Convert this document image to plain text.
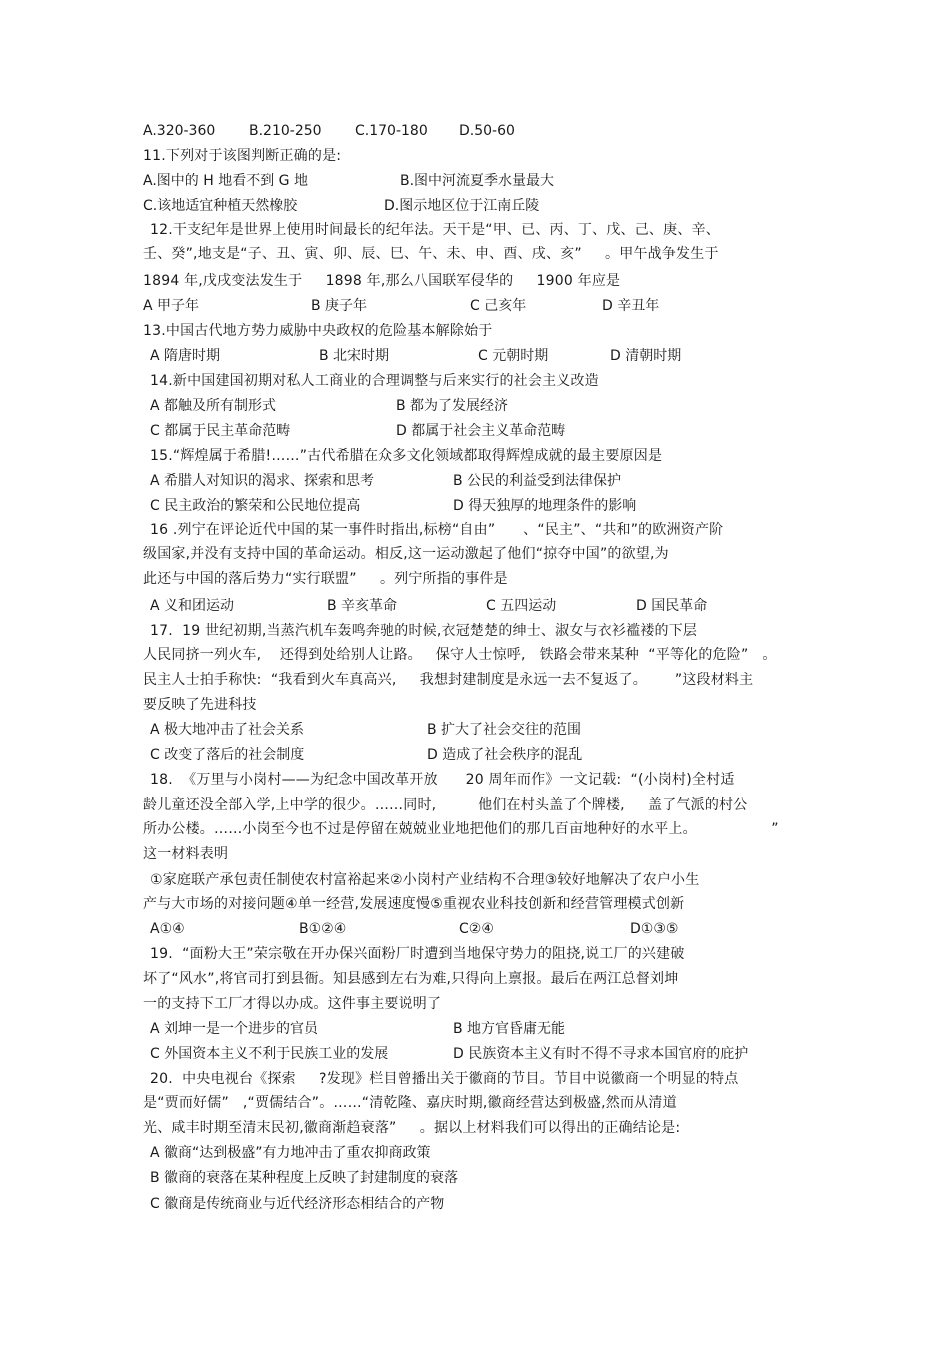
A.320-360 B.210-250 C.170-180 D.50-60
11.下列对于该图判断正确的是:
A.图中的 H 地看不到 G 地	B.图中河流夏季水量最大
C.该地适宜种植天然橡胶	D.图示地区位于江南丘陵
12.干支纪年是世界上使用时间最长的纪年法。天干是“甲、已、丙、丁、戊、己、庚、辛、
壬、癸”,地支是“子、丑、寅、卯、辰、巳、午、未、申、酉、戌、亥”     。甲午战争发生于
1894 年,戊戌变法发生于     1898 年,那么八国联军侵华的     1900 年应是
A 甲子年	B 庚子年	C 己亥年	D 辛丑年
13.中国古代地方势力威胁中央政权的危险基本解除始于
A 隋唐时期	B 北宋时期	C 元朝时期	D 清朝时期
14.新中国建国初期对私人工商业的合理调整与后来实行的社会主义改造
A 都触及所有制形式	B 都为了发展经济
C 都属于民主革命范畴	D 都属于社会主义革命范畴
15.“辉煌属于希腊!……”古代希腊在众多文化领域都取得辉煌成就的最主要原因是
A 希腊人对知识的渴求、探索和思考	B 公民的利益受到法律保护
C 民主政治的繁荣和公民地位提高	D 得天独厚的地理条件的影响
16 .列宁在评论近代中国的某一事件时指出,标榜“自由”      、“民主”、“共和”的欧洲资产阶
级国家,并没有支持中国的革命运动。相反,这一运动激起了他们“掠夺中国”的欲望,为
此还与中国的落后势力“实行联盟”     。列宁所指的事件是
A 义和团运动	B 辛亥革命	C 五四运动	D 国民革命
17.  19 世纪初期,当蒸汽机车轰鸣奔驰的时候,衣冠楚楚的绅士、淑女与衣衫褴褛的下层
人民同挤一列火车,    还得到处给别人让路。   保守人士惊呼,   铁路会带来某种  “平等化的危险”   。
民主人士拍手称快:  “我看到火车真高兴,     我想封建制度是永远一去不复返了。      ”这段材料主
要反映了先进科技
A 极大地冲击了社会关系	B 扩大了社会交往的范围
C 改变了落后的社会制度	D 造成了社会秩序的混乱
18.  《万里与小岗村——为纪念中国改革开放      20 周年而作》一文记载:  “(小岗村)全村适
龄儿童还没全部入学,上中学的很少。……同时,         他们在村头盖了个牌楼,     盖了气派的村公
所办公楼。……小岗至今也不过是停留在兢兢业业地把他们的那几百亩地种好的水平上。                ”
这一材料表明
①家庭联产承包责任制使农村富裕起来②小岗村产业结构不合理③较好地解决了农户小生
产与大市场的对接问题④单一经营,发展速度慢⑤重视农业科技创新和经营管理模式创新
A①④	B①②④	C②④	D①③⑤
19.  “面粉大王”荣宗敬在开办保兴面粉厂时遭到当地保守势力的阻挠,说工厂的兴建破
坏了“风水”,将官司打到县衙。知县感到左右为难,只得向上禀报。最后在两江总督刘坤
一的支持下工厂才得以办成。这件事主要说明了
A 刘坤一是一个进步的官员	B 地方官昏庸无能
C 外国资本主义不利于民族工业的发展	D 民族资本主义有时不得不寻求本国官府的庇护
20.  中央电视台《探索     ?发现》栏目曾播出关于徽商的节目。节目中说徽商一个明显的特点
是“贾而好儒”   ,“贾儒结合”。……“清乾隆、嘉庆时期,徽商经营达到极盛,然而从清道
光、咸丰时期至清末民初,徽商渐趋衰落”     。据以上材料我们可以得出的正确结论是:
A 徽商“达到极盛”有力地冲击了重农抑商政策
B 徽商的衰落在某种程度上反映了封建制度的衰落
C 徽商是传统商业与近代经济形态相结合的产物
